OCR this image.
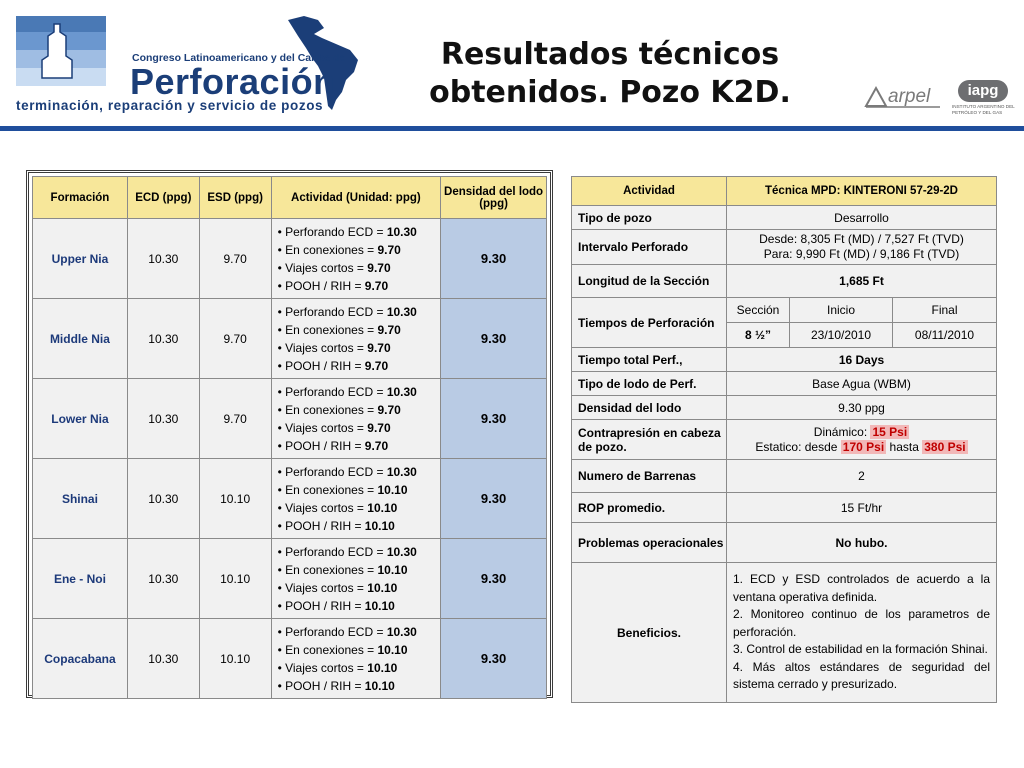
Congreso Latinoamericano y del Caribe de
Perforación
terminación, reparación y servicio de pozos
Resultados técnicos
obtenidos. Pozo K2D.	arpel	iapg
INSTITUTO ARGENTINO DEL PETRÓLEO Y DEL GAS
Formación	ECD (ppg)	ESD (ppg)	Actividad (Unidad: ppg)	Densidad del lodo (ppg)
Upper Nia	10.30	9.70	• Perforando ECD = 10.30
• En conexiones = 9.70
• Viajes cortos = 9.70
• POOH / RIH = 9.70	9.30
Middle Nia	10.30	9.70	• Perforando ECD = 10.30
• En conexiones = 9.70
• Viajes cortos = 9.70
• POOH / RIH = 9.70	9.30
Lower Nia	10.30	9.70	• Perforando ECD = 10.30
• En conexiones = 9.70
• Viajes cortos = 9.70
• POOH / RIH = 9.70	9.30
Shinai	10.30	10.10	• Perforando ECD = 10.30
• En conexiones = 10.10
• Viajes cortos = 10.10
• POOH / RIH = 10.10	9.30
Ene - Noi	10.30	10.10	• Perforando ECD = 10.30
• En conexiones = 10.10
• Viajes cortos = 10.10
• POOH / RIH = 10.10	9.30
Copacabana	10.30	10.10	• Perforando ECD = 10.30
• En conexiones = 10.10
• Viajes cortos = 10.10
• POOH / RIH = 10.10	9.30
Actividad	Técnica MPD: KINTERONI 57-29-2D		
Tipo de pozo	Desarrollo		
Intervalo Perforado	Desde: 8,305 Ft (MD) / 7,527 Ft (TVD)
Para: 9,990 Ft (MD) / 9,186 Ft (TVD)		

Longitud de la Sección	1,685 Ft		
Tiempos de Perforación	Sección	Inicio	Final
	8 ½”	23/10/2010	08/11/2010
Tiempo total Perf.,	16 Days		
Tipo de lodo de Perf.	Base Agua (WBM)		
Densidad del lodo	9.30 ppg		
Contrapresión en cabeza de pozo.	Dinámico: 15 Psi
Estatico: desde 170 Psi hasta 380 Psi		

Numero de Barrenas	2		
ROP promedio.	15 Ft/hr		
Problemas operacionales	No hubo.		
Beneficios.	1. ECD y ESD controlados de acuerdo a la ventana operativa definida.

2. Monitoreo continuo de los parametros de perforación.

3. Control de estabilidad en la formación Shinai.

4. Más altos estándares de seguridad del sistema cerrado y presurizado.		
